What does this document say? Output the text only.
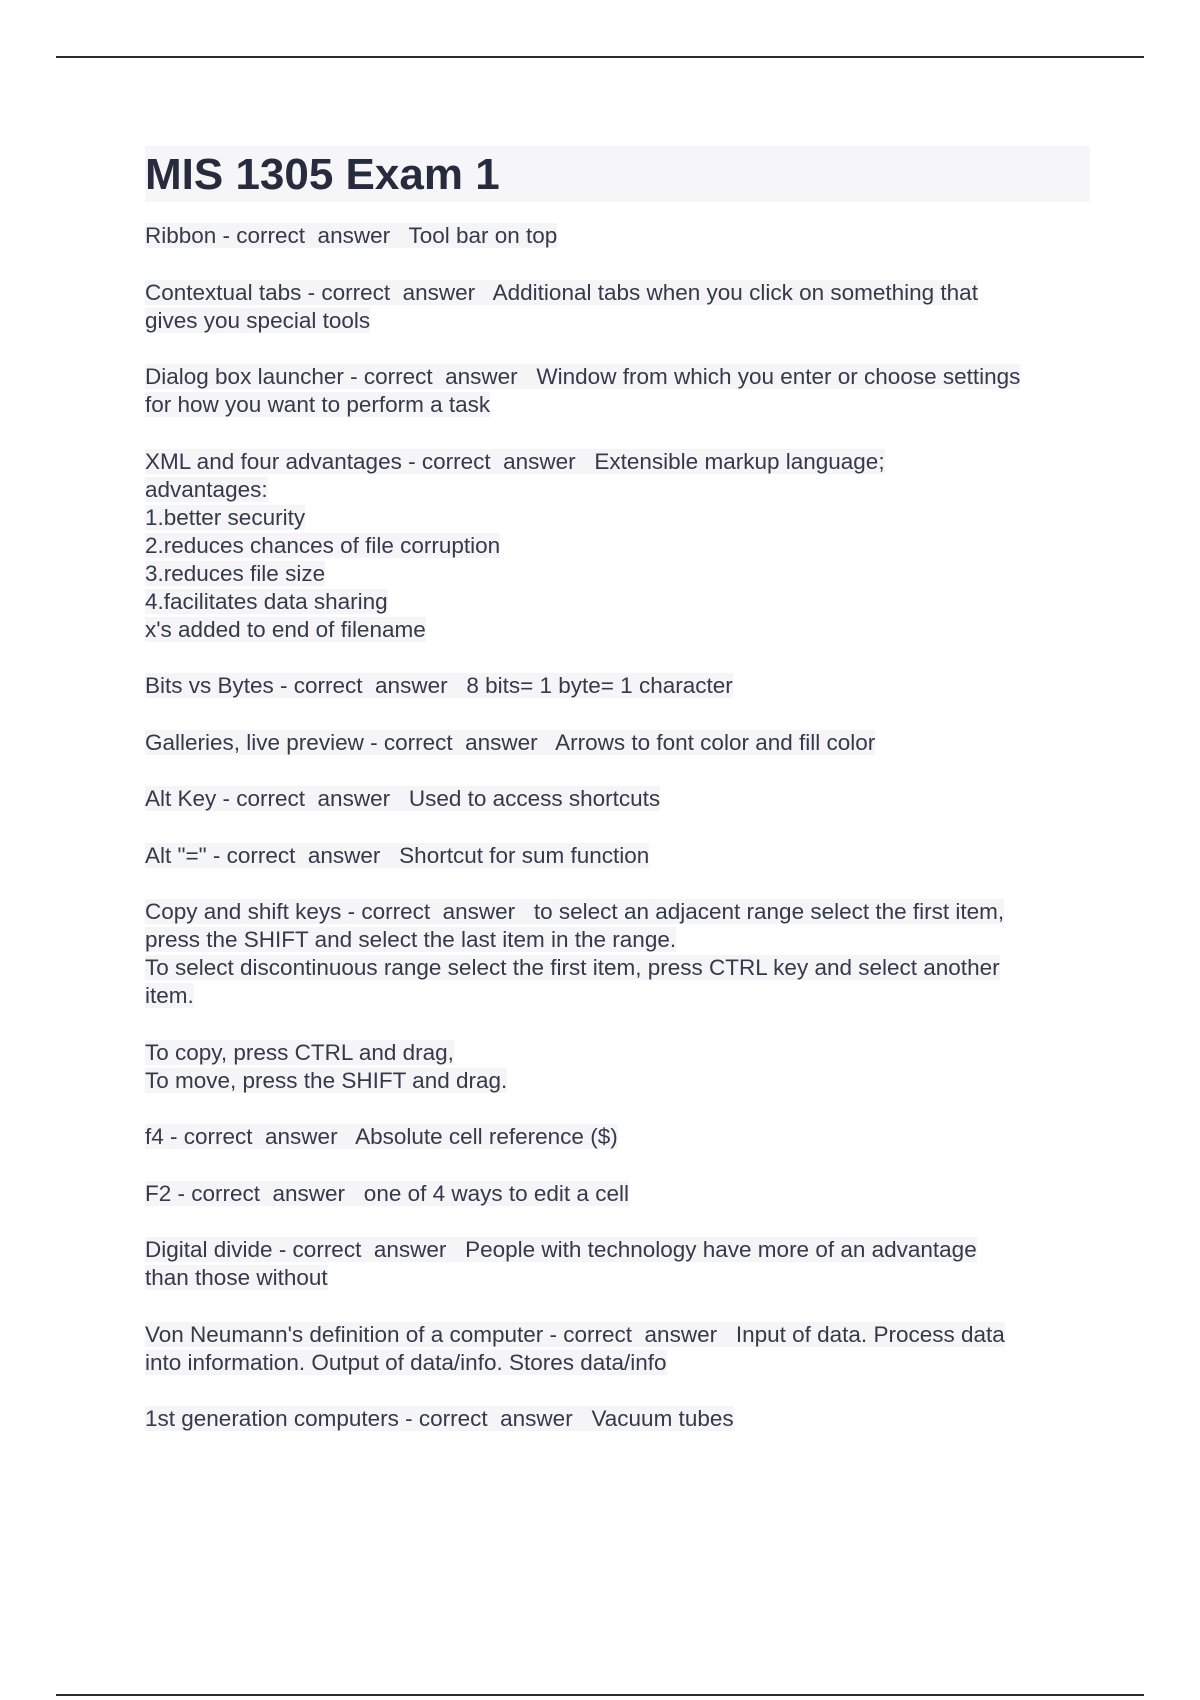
MIS 1305 Exam 1
Ribbon - correct  answer   Tool bar on top
Contextual tabs - correct  answer   Additional tabs when you click on something that
gives you special tools
Dialog box launcher - correct  answer   Window from which you enter or choose settings
for how you want to perform a task
XML and four advantages - correct  answer   Extensible markup language;
advantages:
1.better security
2.reduces chances of file corruption
3.reduces file size
4.facilitates data sharing
x's added to end of filename
Bits vs Bytes - correct  answer   8 bits= 1 byte= 1 character
Galleries, live preview - correct  answer   Arrows to font color and fill color
Alt Key - correct  answer   Used to access shortcuts
Alt "=" - correct  answer   Shortcut for sum function
Copy and shift keys - correct  answer   to select an adjacent range select the first item,
press the SHIFT and select the last item in the range.
To select discontinuous range select the first item, press CTRL key and select another
item.
To copy, press CTRL and drag,
To move, press the SHIFT and drag.
f4 - correct  answer   Absolute cell reference ($)
F2 - correct  answer   one of 4 ways to edit a cell
Digital divide - correct  answer   People with technology have more of an advantage
than those without
Von Neumann's definition of a computer - correct  answer   Input of data. Process data
into information. Output of data/info. Stores data/info
1st generation computers - correct  answer   Vacuum tubes
